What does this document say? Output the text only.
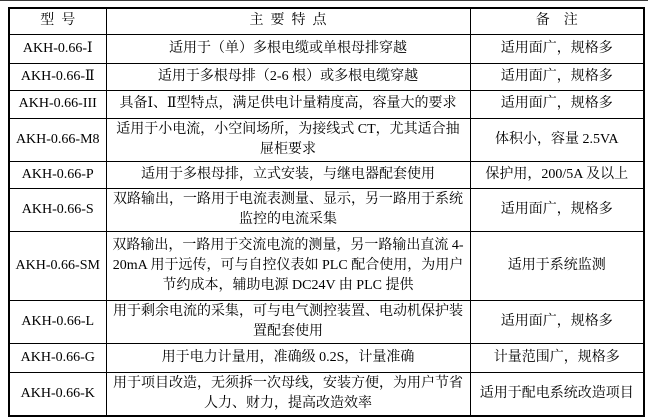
型  号	主  要  特  点	备    注
AKH-0.66-Ⅰ	适用于（单）多根电缆或单根母排穿越	适用面广，规格多
AKH-0.66-Ⅱ	适用于多根母排（2-6 根）或多根电缆穿越	适用面广，规格多
AKH-0.66-III	具备Ⅰ、Ⅱ型特点，满足供电计量精度高，容量大的要求	适用面广，规格多
AKH-0.66-M8	适用于小电流，小空间场所，为接线式 CT，尤其适合抽屉柜要求	体积小，容量 2.5VA
AKH-0.66-P	适用于多根母排，立式安装，与继电器配套使用	保护用，200/5A 及以上
AKH-0.66-S	双路输出，一路用于电流表测量、显示，另一路用于系统监控的电流采集	适用面广，规格多
AKH-0.66-SM	双路输出，一路用于交流电流的测量，另一路输出直流 4-20mA 用于远传，可与自控仪表如 PLC 配合使用，为用户节约成本，辅助电源 DC24V 由 PLC 提供	适用于系统监测
AKH-0.66-L	用于剩余电流的采集，可与电气测控装置、电动机保护装置配套使用	适用面广，规格多
AKH-0.66-G	用于电力计量用，准确级 0.2S，计量准确	计量范围广，规格多
AKH-0.66-K	用于项目改造，无须拆一次母线，安装方便，为用户节省人力、财力，提高改造效率	适用于配电系统改造项目
